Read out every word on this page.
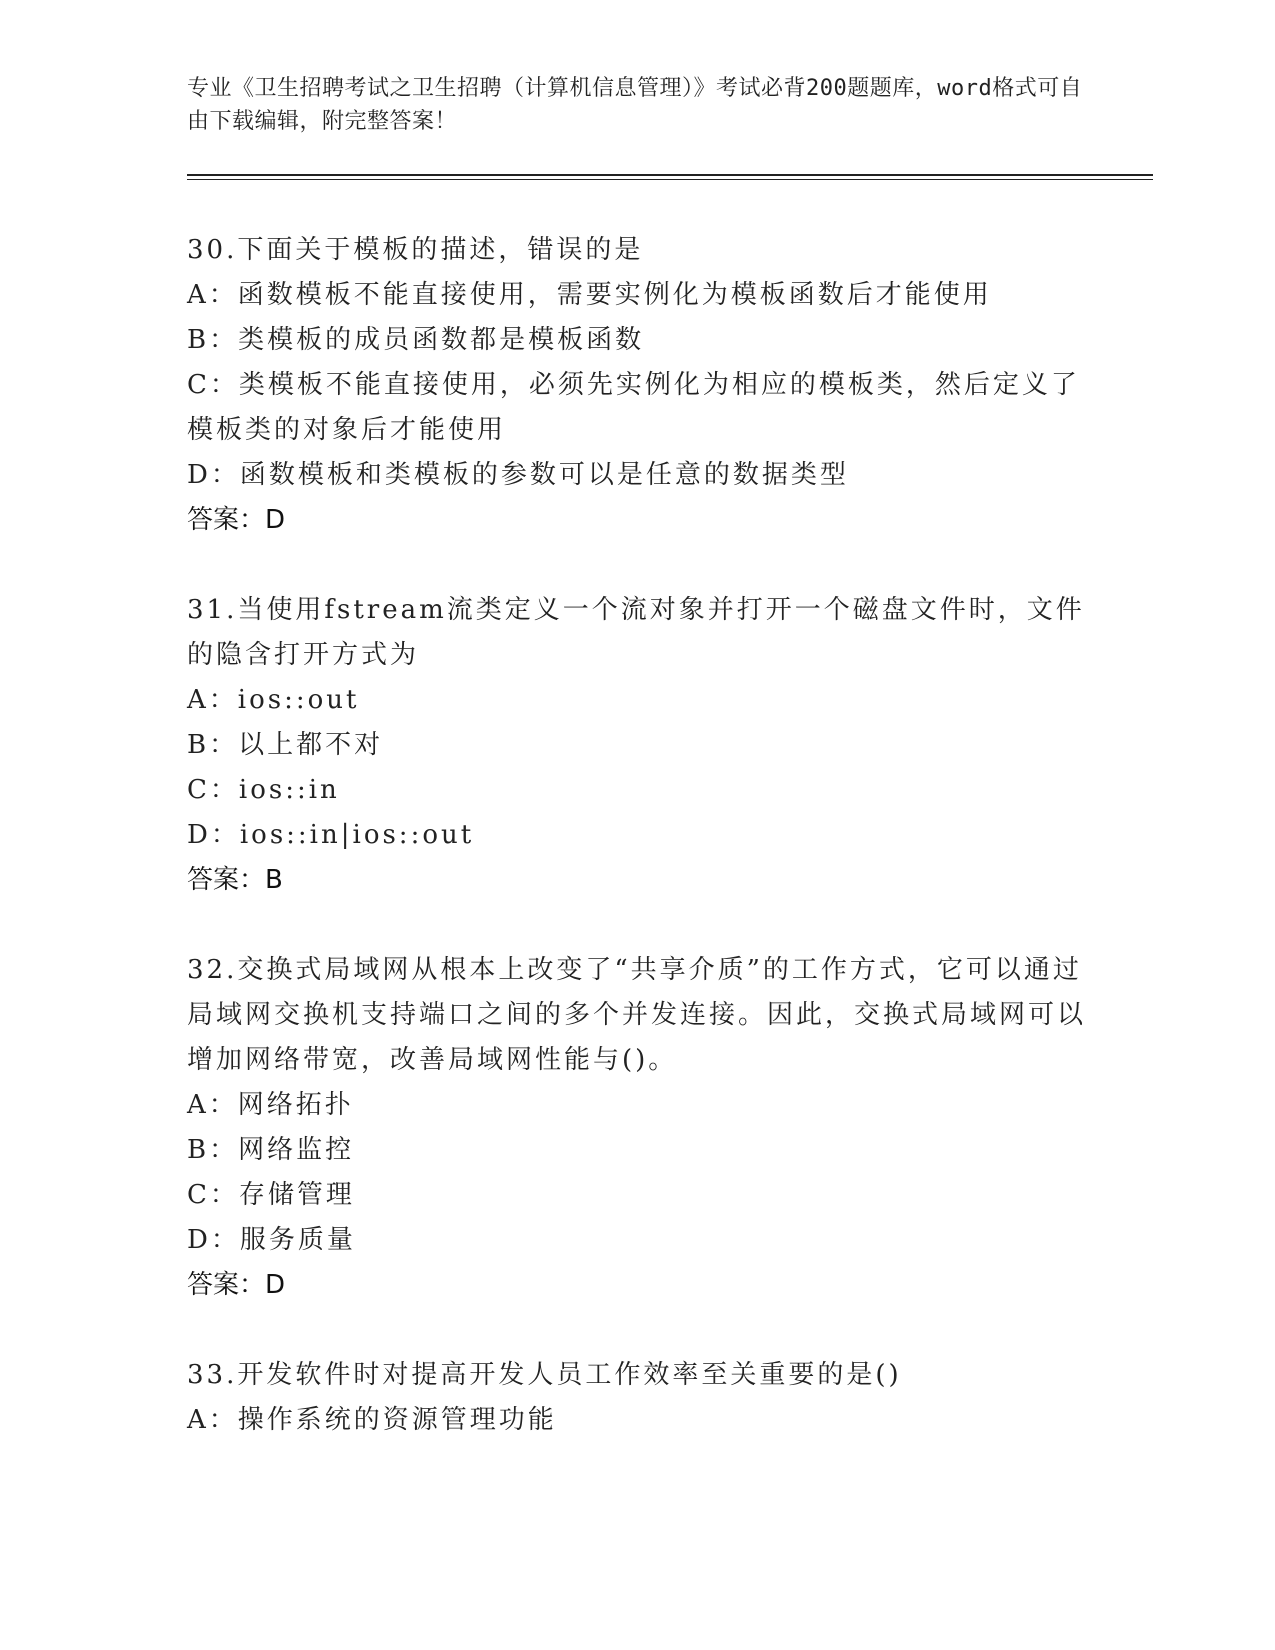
专业《卫生招聘考试之卫生招聘（计算机信息管理）》考试必背200题题库，word格式可自由下载编辑，附完整答案！
30.下面关于模板的描述，错误的是
A：函数模板不能直接使用，需要实例化为模板函数后才能使用
B：类模板的成员函数都是模板函数
C：类模板不能直接使用，必须先实例化为相应的模板类，然后定义了模板类的对象后才能使用
D：函数模板和类模板的参数可以是任意的数据类型
答案：D
31.当使用fstream流类定义一个流对象并打开一个磁盘文件时，文件的隐含打开方式为
A：ios::out
B：以上都不对
C：ios::in
D：ios::in|ios::out
答案：B
32.交换式局域网从根本上改变了“共享介质”的工作方式，它可以通过局域网交换机支持端口之间的多个并发连接。因此，交换式局域网可以增加网络带宽，改善局域网性能与()。
A：网络拓扑
B：网络监控
C：存储管理
D：服务质量
答案：D
33.开发软件时对提高开发人员工作效率至关重要的是()
A：操作系统的资源管理功能
